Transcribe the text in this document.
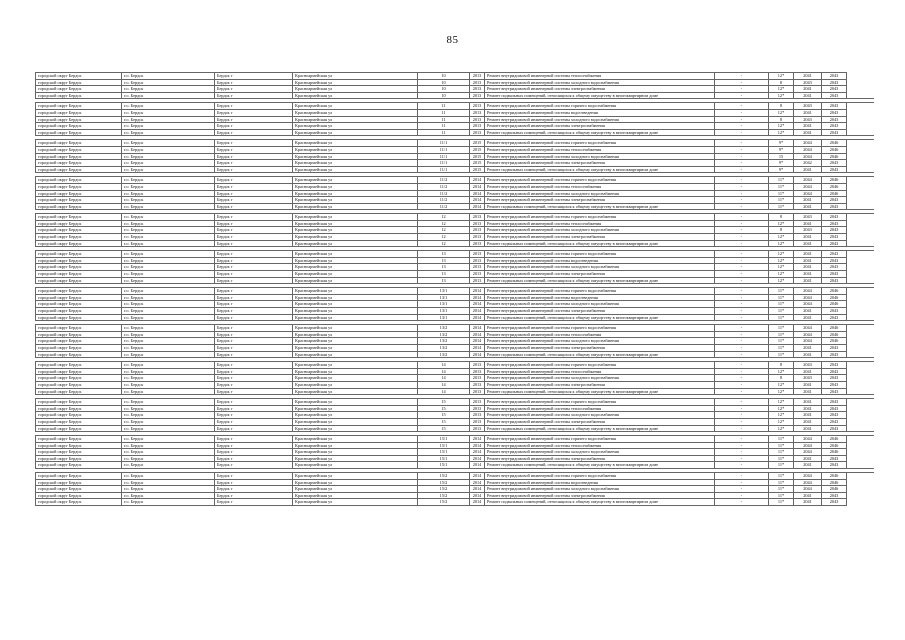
85
городской округ Бердск	г.о. Бердск	Бердск г	Красноармейская ул	10	2013	Ремонт внутридомовой инженерной системы теплоснабжения	-	12*	2041	2043
городской округ Бердск	г.о. Бердск	Бердск г	Красноармейская ул	10	2013	Ремонт внутридомовой инженерной системы холодного водоснабжения	-	8	2043	2043
городской округ Бердск	г.о. Бердск	Бердск г	Красноармейская ул	10	2013	Ремонт внутридомовой инженерной системы электроснабжения	-	12*	2041	2043
городской округ Бердск	г.о. Бердск	Бердск г	Красноармейская ул	10	2013	Ремонт подвальных помещений, относящихся к общему имуществу в многоквартирном доме	-	12*	2041	2043

городской округ Бердск	г.о. Бердск	Бердск г	Красноармейская ул	11	2013	Ремонт внутридомовой инженерной системы горячего водоснабжения	-	8	2043	2043
городской округ Бердск	г.о. Бердск	Бердск г	Красноармейская ул	11	2013	Ремонт внутридомовой инженерной системы водоотведения	-	12*	2041	2043
городской округ Бердск	г.о. Бердск	Бердск г	Красноармейская ул	11	2013	Ремонт внутридомовой инженерной системы холодного водоснабжения	-	8	2043	2043
городской округ Бердск	г.о. Бердск	Бердск г	Красноармейская ул	11	2013	Ремонт внутридомовой инженерной системы электроснабжения	-	12*	2041	2043
городской округ Бердск	г.о. Бердск	Бердск г	Красноармейская ул	11	2013	Ремонт подвальных помещений, относящихся к общему имуществу в многоквартирном доме	-	12*	2041	2043

городской округ Бердск	г.о. Бердск	Бердск г	Красноармейская ул	11/1	2015	Ремонт внутридомовой инженерной системы горячего водоснабжения	-	9*	2044	2046
городской округ Бердск	г.о. Бердск	Бердск г	Красноармейская ул	11/1	2015	Ремонт внутридомовой инженерной системы теплоснабжения	-	9*	2044	2046
городской округ Бердск	г.о. Бердск	Бердск г	Красноармейская ул	11/1	2015	Ремонт внутридомовой инженерной системы холодного водоснабжения	-	15	2044	2046
городской округ Бердск	г.о. Бердск	Бердск г	Красноармейская ул	11/1	2015	Ремонт внутридомовой инженерной системы электроснабжения	-	9*	2042	2043
городской округ Бердск	г.о. Бердск	Бердск г	Красноармейская ул	11/1	2015	Ремонт подвальных помещений, относящихся к общему имуществу в многоквартирном доме	-	9*	2041	2043

городской округ Бердск	г.о. Бердск	Бердск г	Красноармейская ул	11/2	2014	Ремонт внутридомовой инженерной системы горячего водоснабжения	-	11*	2044	2046
городской округ Бердск	г.о. Бердск	Бердск г	Красноармейская ул	11/2	2014	Ремонт внутридомовой инженерной системы теплоснабжения	-	11*	2044	2046
городской округ Бердск	г.о. Бердск	Бердск г	Красноармейская ул	11/2	2014	Ремонт внутридомовой инженерной системы холодного водоснабжения	-	11*	2044	2046
городской округ Бердск	г.о. Бердск	Бердск г	Красноармейская ул	11/2	2014	Ремонт внутридомовой инженерной системы электроснабжения	-	11*	2041	2043
городской округ Бердск	г.о. Бердск	Бердск г	Красноармейская ул	11/2	2014	Ремонт подвальных помещений, относящихся к общему имуществу в многоквартирном доме	-	11*	2041	2043

городской округ Бердск	г.о. Бердск	Бердск г	Красноармейская ул	12	2013	Ремонт внутридомовой инженерной системы горячего водоснабжения	-	8	2043	2043
городской округ Бердск	г.о. Бердск	Бердск г	Красноармейская ул	12	2013	Ремонт внутридомовой инженерной системы теплоснабжения	-	12*	2041	2043
городской округ Бердск	г.о. Бердск	Бердск г	Красноармейская ул	12	2013	Ремонт внутридомовой инженерной системы холодного водоснабжения	-	8	2043	2043
городской округ Бердск	г.о. Бердск	Бердск г	Красноармейская ул	12	2013	Ремонт внутридомовой инженерной системы электроснабжения	-	12*	2041	2043
городской округ Бердск	г.о. Бердск	Бердск г	Красноармейская ул	12	2013	Ремонт подвальных помещений, относящихся к общему имуществу в многоквартирном доме	-	12*	2041	2043

городской округ Бердск	г.о. Бердск	Бердск г	Красноармейская ул	13	2013	Ремонт внутридомовой инженерной системы горячего водоснабжения	-	12*	2041	2043
городской округ Бердск	г.о. Бердск	Бердск г	Красноармейская ул	13	2013	Ремонт внутридомовой инженерной системы водоотведения	-	12*	2041	2043
городской округ Бердск	г.о. Бердск	Бердск г	Красноармейская ул	13	2013	Ремонт внутридомовой инженерной системы холодного водоснабжения	-	12*	2041	2043
городской округ Бердск	г.о. Бердск	Бердск г	Красноармейская ул	13	2013	Ремонт внутридомовой инженерной системы электроснабжения	-	12*	2041	2043
городской округ Бердск	г.о. Бердск	Бердск г	Красноармейская ул	13	2013	Ремонт подвальных помещений, относящихся к общему имуществу в многоквартирном доме	-	12*	2041	2043

городской округ Бердск	г.о. Бердск	Бердск г	Красноармейская ул	13/1	2014	Ремонт внутридомовой инженерной системы горячего водоснабжения	-	11*	2044	2046
городской округ Бердск	г.о. Бердск	Бердск г	Красноармейская ул	13/1	2014	Ремонт внутридомовой инженерной системы водоотведения	-	11*	2044	2046
городской округ Бердск	г.о. Бердск	Бердск г	Красноармейская ул	13/1	2014	Ремонт внутридомовой инженерной системы холодного водоснабжения	-	11*	2044	2046
городской округ Бердск	г.о. Бердск	Бердск г	Красноармейская ул	13/1	2014	Ремонт внутридомовой инженерной системы электроснабжения	-	11*	2041	2043
городской округ Бердск	г.о. Бердск	Бердск г	Красноармейская ул	13/1	2014	Ремонт подвальных помещений, относящихся к общему имуществу в многоквартирном доме	-	11*	2041	2043

городской округ Бердск	г.о. Бердск	Бердск г	Красноармейская ул	13/2	2014	Ремонт внутридомовой инженерной системы горячего водоснабжения	-	11*	2044	2046
городской округ Бердск	г.о. Бердск	Бердск г	Красноармейская ул	13/2	2014	Ремонт внутридомовой инженерной системы теплоснабжения	-	11*	2044	2046
городской округ Бердск	г.о. Бердск	Бердск г	Красноармейская ул	13/2	2014	Ремонт внутридомовой инженерной системы холодного водоснабжения	-	11*	2044	2046
городской округ Бердск	г.о. Бердск	Бердск г	Красноармейская ул	13/2	2014	Ремонт внутридомовой инженерной системы электроснабжения	-	11*	2041	2043
городской округ Бердск	г.о. Бердск	Бердск г	Красноармейская ул	13/2	2014	Ремонт подвальных помещений, относящихся к общему имуществу в многоквартирном доме	-	11*	2041	2043

городской округ Бердск	г.о. Бердск	Бердск г	Красноармейская ул	14	2013	Ремонт внутридомовой инженерной системы горячего водоснабжения	-	8	2043	2043
городской округ Бердск	г.о. Бердск	Бердск г	Красноармейская ул	14	2013	Ремонт внутридомовой инженерной системы теплоснабжения	-	12*	2041	2043
городской округ Бердск	г.о. Бердск	Бердск г	Красноармейская ул	14	2013	Ремонт внутридомовой инженерной системы холодного водоснабжения	-	8	2043	2043
городской округ Бердск	г.о. Бердск	Бердск г	Красноармейская ул	14	2013	Ремонт внутридомовой инженерной системы электроснабжения	-	12*	2041	2043
городской округ Бердск	г.о. Бердск	Бердск г	Красноармейская ул	14	2013	Ремонт подвальных помещений, относящихся к общему имуществу в многоквартирном доме	-	12*	2041	2043

городской округ Бердск	г.о. Бердск	Бердск г	Красноармейская ул	15	2013	Ремонт внутридомовой инженерной системы горячего водоснабжения	-	12*	2041	2043
городской округ Бердск	г.о. Бердск	Бердск г	Красноармейская ул	15	2013	Ремонт внутридомовой инженерной системы теплоснабжения	-	12*	2041	2043
городской округ Бердск	г.о. Бердск	Бердск г	Красноармейская ул	15	2013	Ремонт внутридомовой инженерной системы холодного водоснабжения	-	12*	2041	2043
городской округ Бердск	г.о. Бердск	Бердск г	Красноармейская ул	15	2013	Ремонт внутридомовой инженерной системы электроснабжения	-	12*	2041	2043
городской округ Бердск	г.о. Бердск	Бердск г	Красноармейская ул	15	2013	Ремонт подвальных помещений, относящихся к общему имуществу в многоквартирном доме	-	12*	2041	2043

городской округ Бердск	г.о. Бердск	Бердск г	Красноармейская ул	15/1	2014	Ремонт внутридомовой инженерной системы горячего водоснабжения	-	11*	2044	2046
городской округ Бердск	г.о. Бердск	Бердск г	Красноармейская ул	15/1	2014	Ремонт внутридомовой инженерной системы теплоснабжения	-	11*	2044	2046
городской округ Бердск	г.о. Бердск	Бердск г	Красноармейская ул	15/1	2014	Ремонт внутридомовой инженерной системы холодного водоснабжения	-	11*	2044	2046
городской округ Бердск	г.о. Бердск	Бердск г	Красноармейская ул	15/1	2014	Ремонт внутридомовой инженерной системы электроснабжения	-	11*	2041	2043
городской округ Бердск	г.о. Бердск	Бердск г	Красноармейская ул	15/1	2014	Ремонт подвальных помещений, относящихся к общему имуществу в многоквартирном доме	-	11*	2041	2043

городской округ Бердск	г.о. Бердск	Бердск г	Красноармейская ул	15/2	2014	Ремонт внутридомовой инженерной системы горячего водоснабжения	-	11*	2044	2046
городской округ Бердск	г.о. Бердск	Бердск г	Красноармейская ул	15/2	2014	Ремонт внутридомовой инженерной системы водоотведения	-	11*	2044	2046
городской округ Бердск	г.о. Бердск	Бердск г	Красноармейская ул	15/2	2014	Ремонт внутридомовой инженерной системы холодного водоснабжения	-	11*	2044	2046
городской округ Бердск	г.о. Бердск	Бердск г	Красноармейская ул	15/2	2014	Ремонт внутридомовой инженерной системы электроснабжения	-	11*	2041	2043
городской округ Бердск	г.о. Бердск	Бердск г	Красноармейская ул	15/2	2014	Ремонт подвальных помещений, относящихся к общему имуществу в многоквартирном доме	-	11*	2041	2043
